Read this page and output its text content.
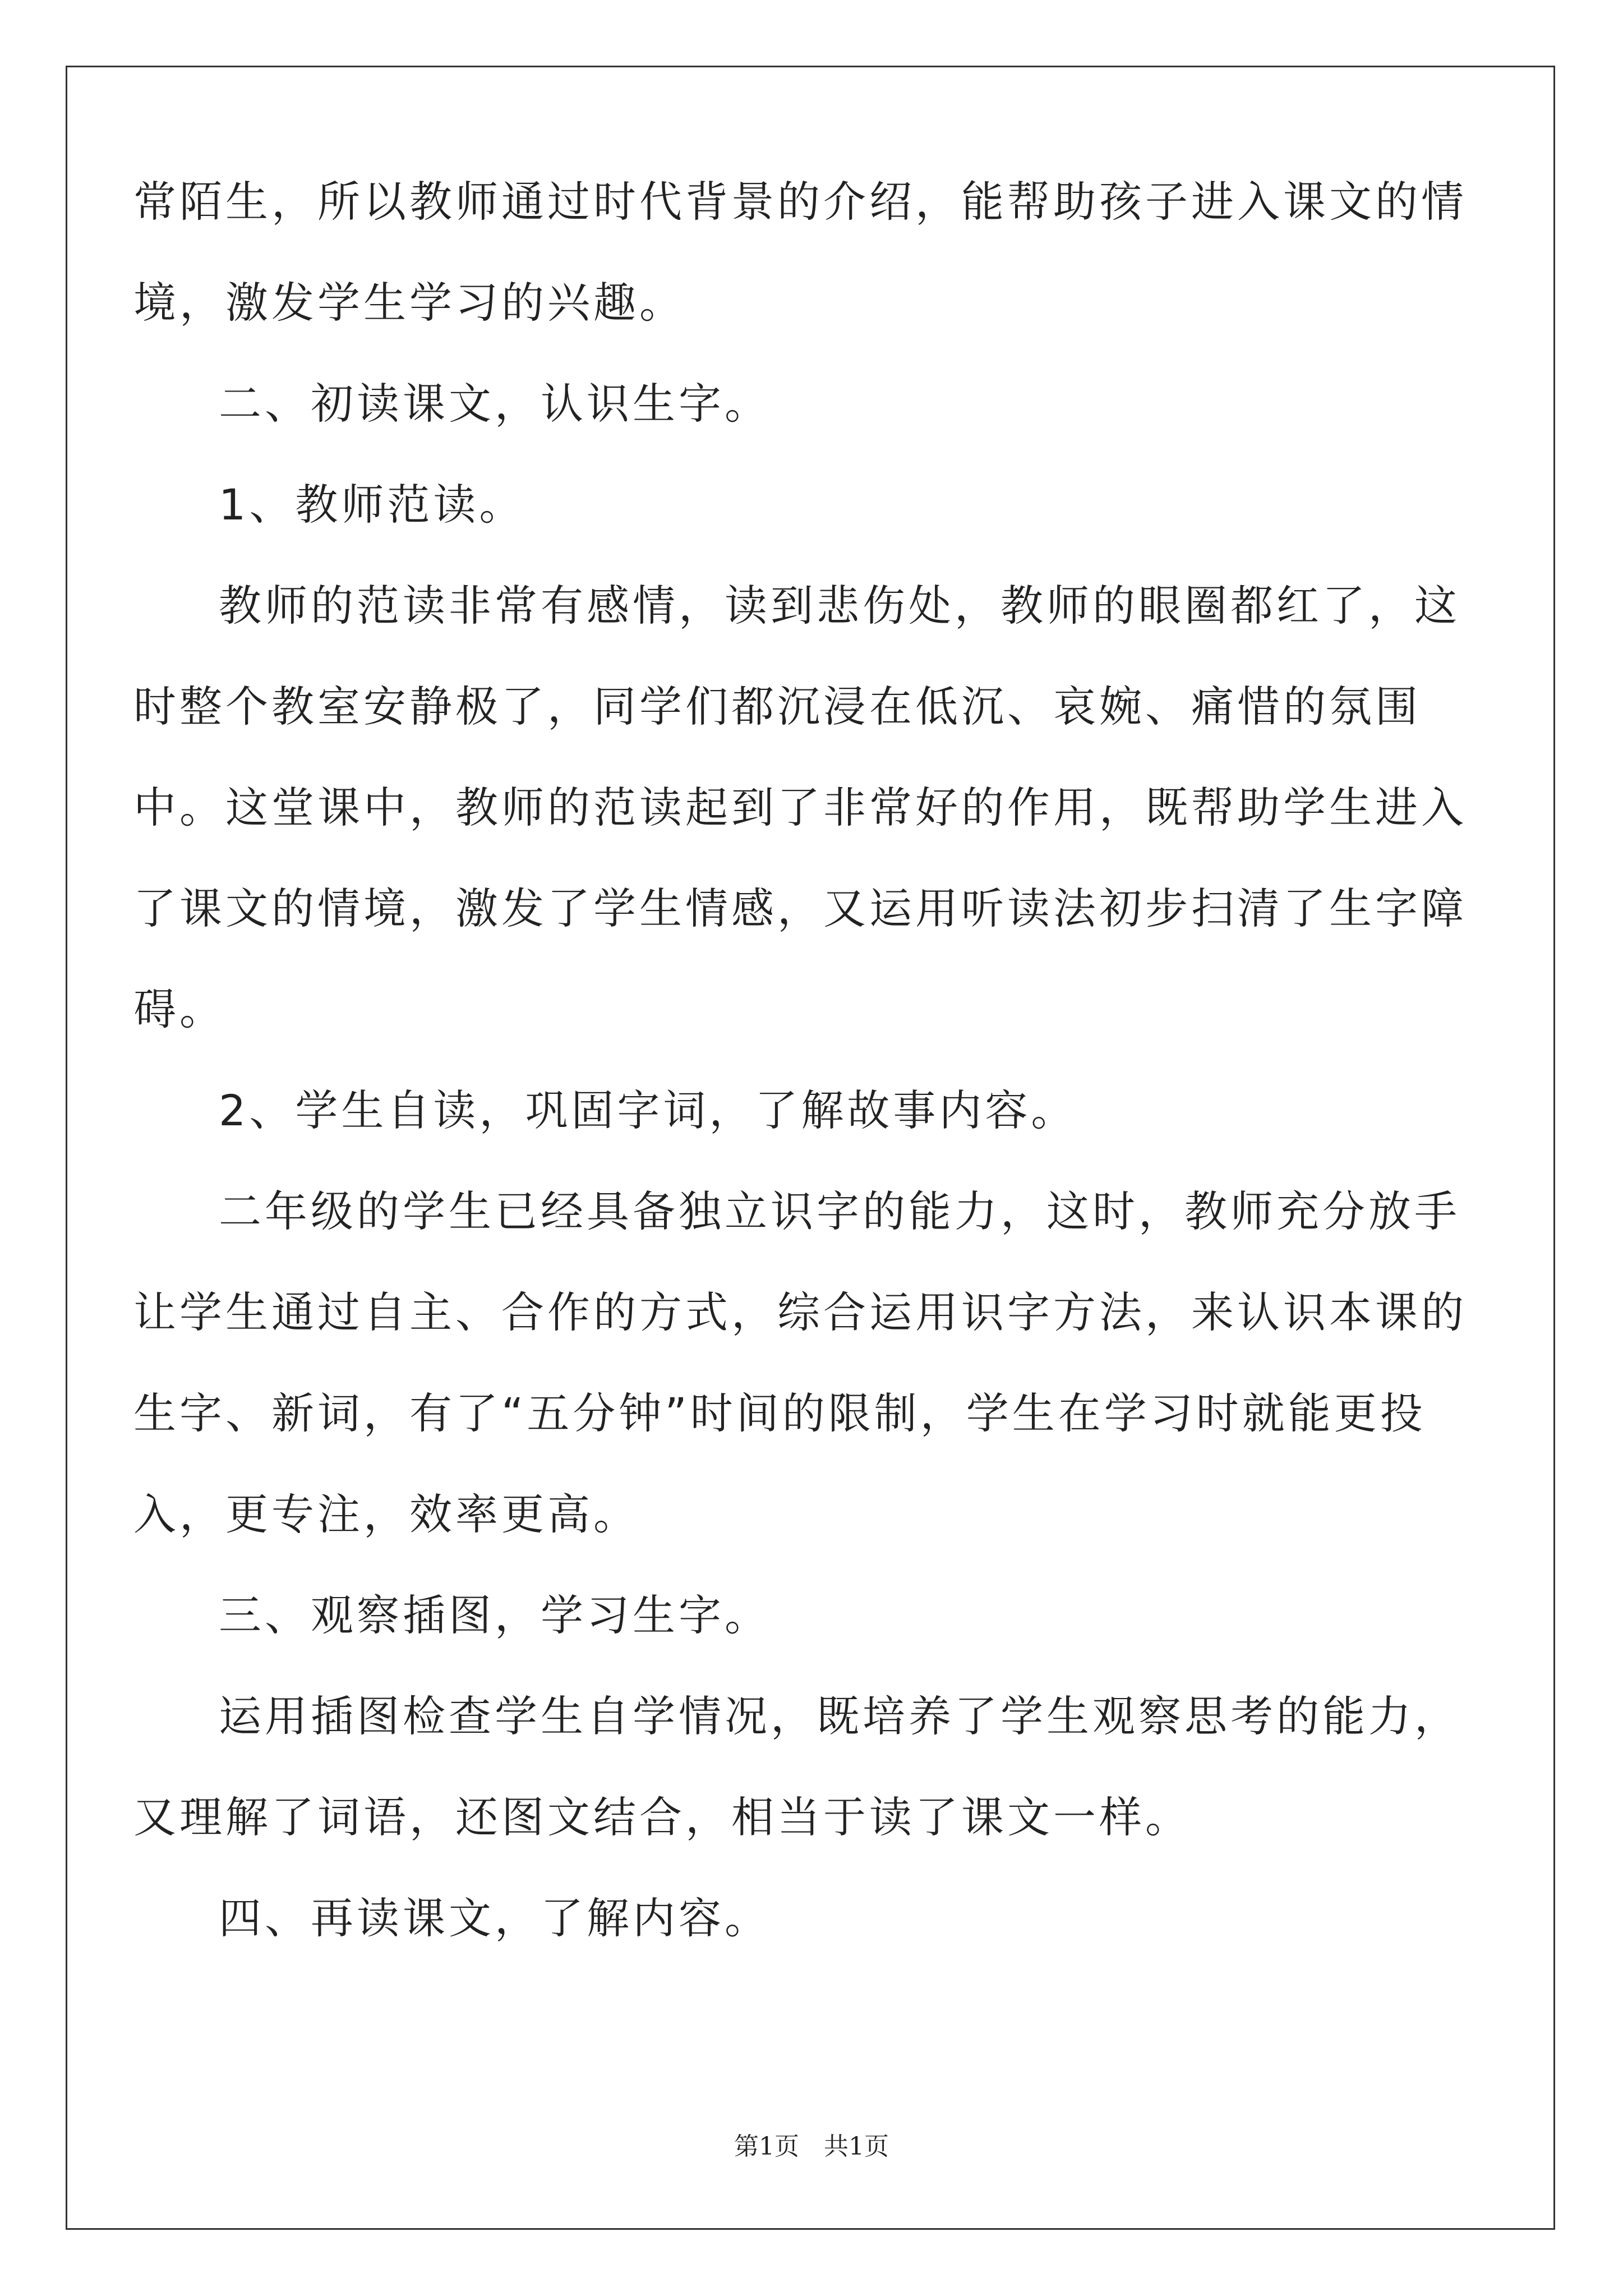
常陌生，所以教师通过时代背景的介绍，能帮助孩子进入课文的情境，激发学生学习的兴趣。

二、初读课文，认识生字。

1、教师范读。

教师的范读非常有感情，读到悲伤处，教师的眼圈都红了，这时整个教室安静极了，同学们都沉浸在低沉、哀婉、痛惜的氛围中。这堂课中，教师的范读起到了非常好的作用，既帮助学生进入了课文的情境，激发了学生情感，又运用听读法初步扫清了生字障碍。

2、学生自读，巩固字词，了解故事内容。

二年级的学生已经具备独立识字的能力，这时，教师充分放手让学生通过自主、合作的方式，综合运用识字方法，来认识本课的生字、新词，有了“五分钟”时间的限制，学生在学习时就能更投入，更专注，效率更高。

三、观察插图，学习生字。

运用插图检查学生自学情况，既培养了学生观察思考的能力，又理解了词语，还图文结合，相当于读了课文一样。

四、再读课文，了解内容。

第1页　共1页
